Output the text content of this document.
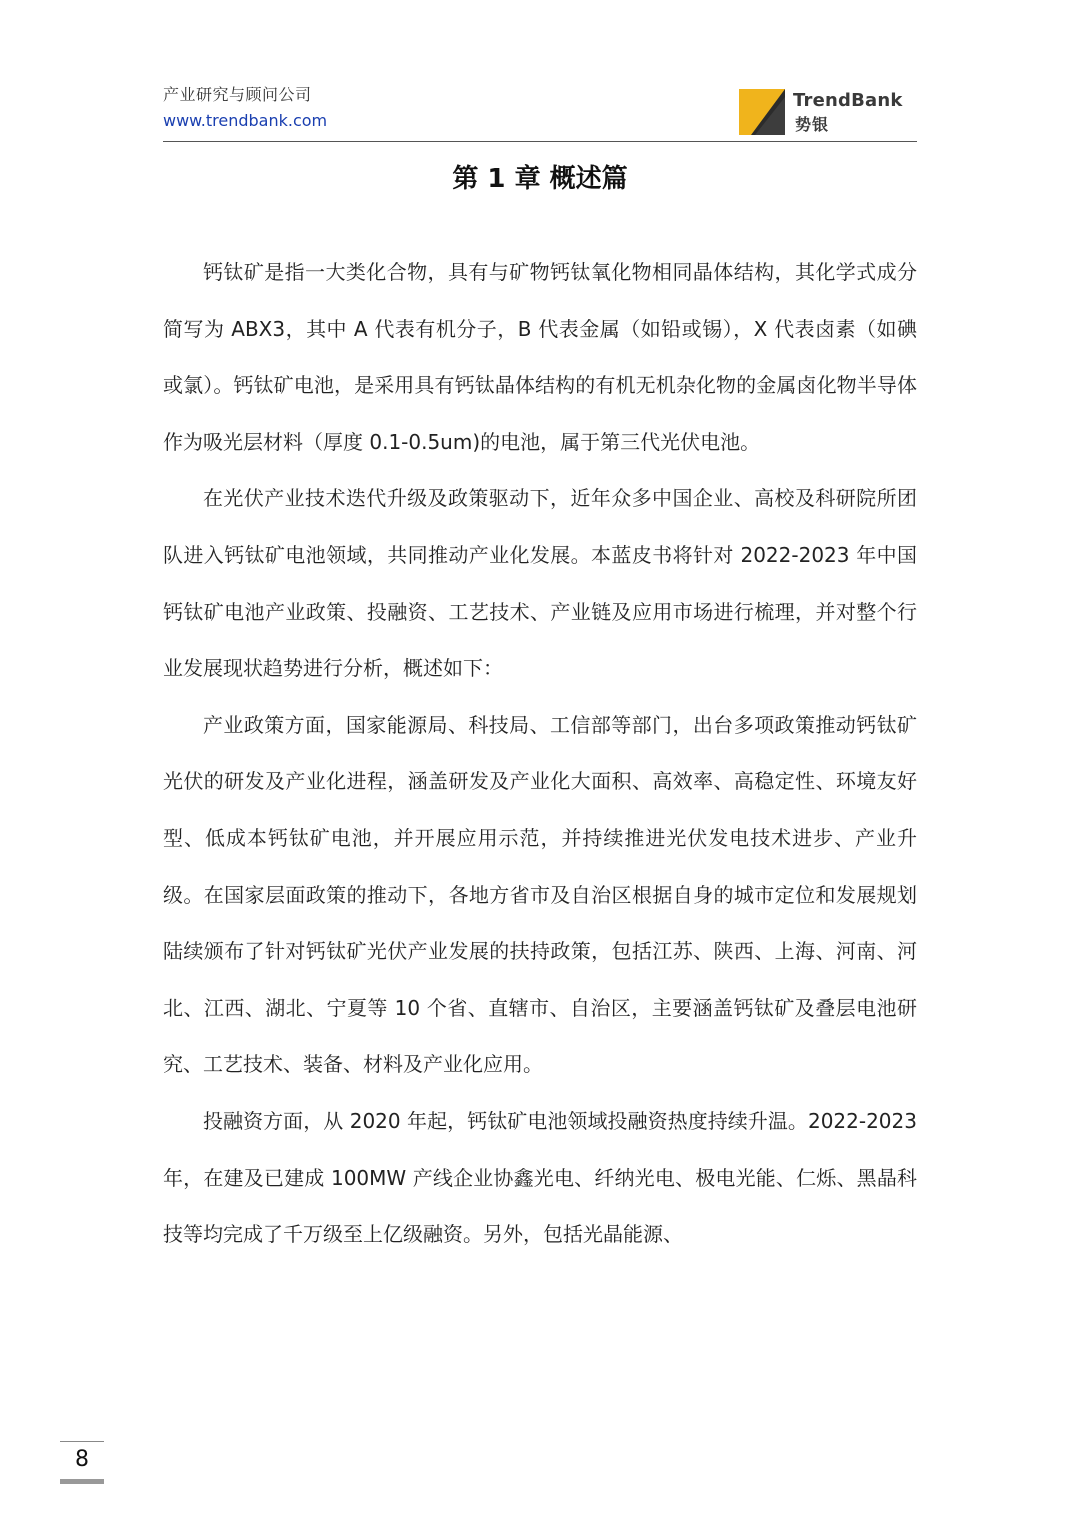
产业研究与顾问公司
www.trendbank.com
TrendBank
势银
第 1 章 概述篇

钙钛矿是指一大类化合物，具有与矿物钙钛氧化物相同晶体结构，其化学式成分简写为 ABX3，其中 A 代表有机分子，B 代表金属（如铅或锡），X 代表卤素（如碘或氯）。钙钛矿电池，是采用具有钙钛晶体结构的有机无机杂化物的金属卤化物半导体作为吸光层材料（厚度 0.1-0.5um)的电池，属于第三代光伏电池。

在光伏产业技术迭代升级及政策驱动下，近年众多中国企业、高校及科研院所团队进入钙钛矿电池领域，共同推动产业化发展。本蓝皮书将针对 2022-2023 年中国钙钛矿电池产业政策、投融资、工艺技术、产业链及应用市场进行梳理，并对整个行业发展现状趋势进行分析，概述如下：

产业政策方面，国家能源局、科技局、工信部等部门，出台多项政策推动钙钛矿光伏的研发及产业化进程，涵盖研发及产业化大面积、高效率、高稳定性、环境友好型、低成本钙钛矿电池，并开展应用示范，并持续推进光伏发电技术进步、产业升级。在国家层面政策的推动下，各地方省市及自治区根据自身的城市定位和发展规划陆续颁布了针对钙钛矿光伏产业发展的扶持政策，包括江苏、陕西、上海、河南、河北、江西、湖北、宁夏等 10 个省、直辖市、自治区，主要涵盖钙钛矿及叠层电池研究、工艺技术、装备、材料及产业化应用。

投融资方面，从 2020 年起，钙钛矿电池领域投融资热度持续升温。2022-2023 年，在建及已建成 100MW 产线企业协鑫光电、纤纳光电、极电光能、仁烁、黑晶科技等均完成了千万级至上亿级融资。另外，包括光晶能源、

8
